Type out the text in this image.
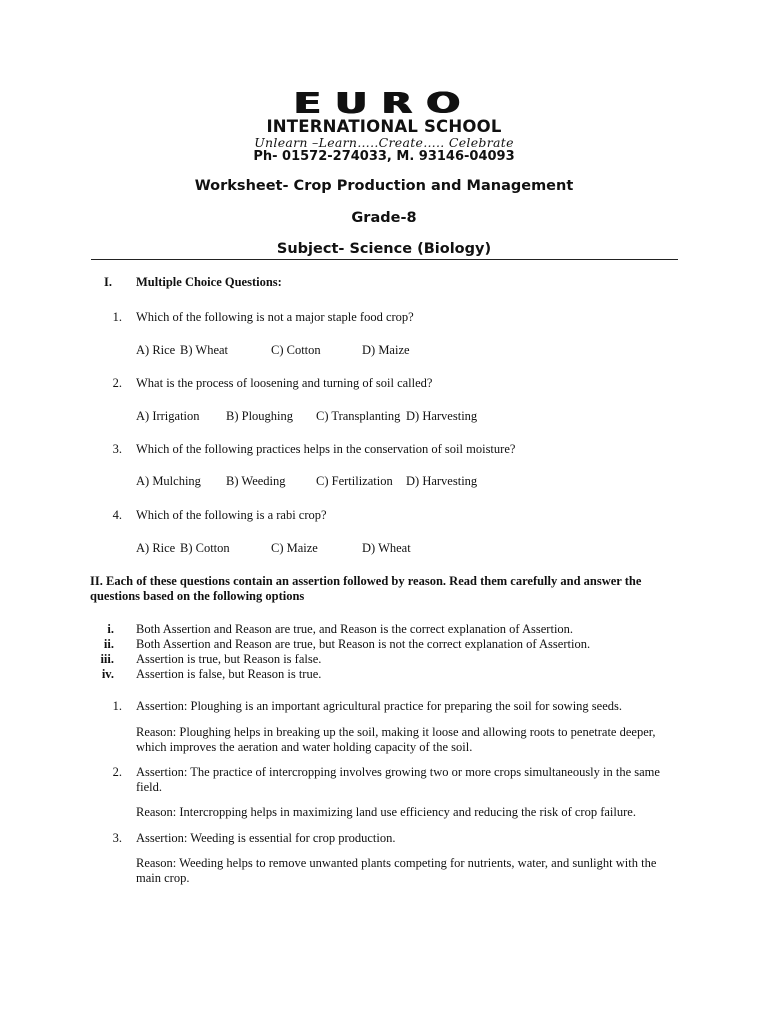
EURO
INTERNATIONAL SCHOOL
Unlearn –Learn…..Create….. Celebrate
Ph- 01572-274033, M. 93146-04093
Worksheet- Crop Production and Management
Grade-8
Subject- Science (Biology)
I. Multiple Choice Questions:
1. Which of the following is not a major staple food crop?
A) Rice B) Wheat	C) Cotton	D) Maize
2. What is the process of loosening and turning of soil called?
A) Irrigation B) Ploughing C) Transplanting D) Harvesting
3. Which of the following practices helps in the conservation of soil moisture?
A) Mulching B) Weeding C) Fertilization D) Harvesting
4. Which of the following is a rabi crop?
A) Rice B) Cotton	C) Maize	D) Wheat
II. Each of these questions contain an assertion followed by reason. Read them carefully and answer the
questions based on the following options
i. Both Assertion and Reason are true, and Reason is the correct explanation of Assertion.
ii. Both Assertion and Reason are true, but Reason is not the correct explanation of Assertion.
iii. Assertion is true, but Reason is false.
iv. Assertion is false, but Reason is true.
1. Assertion: Ploughing is an important agricultural practice for preparing the soil for sowing seeds.
Reason: Ploughing helps in breaking up the soil, making it loose and allowing roots to penetrate deeper,
which improves the aeration and water holding capacity of the soil.
2. Assertion: The practice of intercropping involves growing two or more crops simultaneously in the same
field.
Reason: Intercropping helps in maximizing land use efficiency and reducing the risk of crop failure.
3. Assertion: Weeding is essential for crop production.
Reason: Weeding helps to remove unwanted plants competing for nutrients, water, and sunlight with the
main crop.
